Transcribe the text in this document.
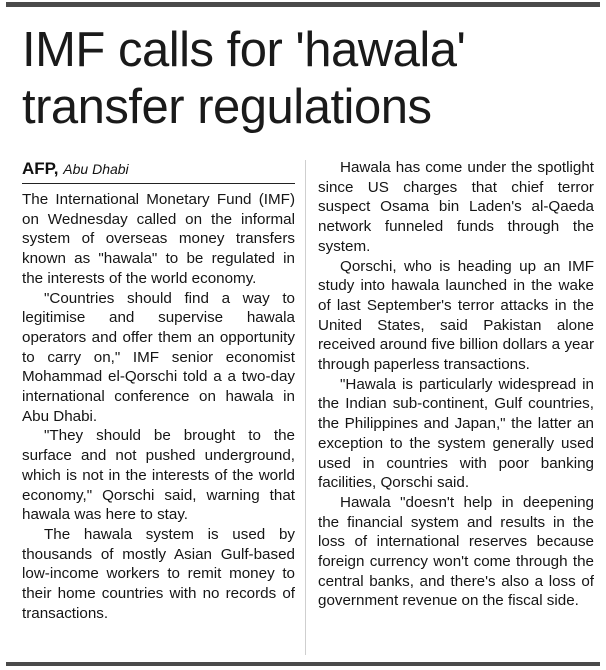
IMF calls for 'hawala'
transfer regulations
AFP, Abu Dhabi

The International Monetary Fund (IMF) on Wednesday called on the informal system of overseas money transfers known as "hawala" to be regulated in the interests of the world economy.

"Countries should find a way to legitimise and supervise hawala operators and offer them an opportunity to carry on," IMF senior economist Mohammad el-Qorschi told a a two-day international conference on hawala in Abu Dhabi.

"They should be brought to the surface and not pushed underground, which is not in the interests of the world economy," Qorschi said, warning that hawala was here to stay.

The hawala system is used by thousands of mostly Asian Gulf-based low-income workers to remit money to their home countries with no records of transactions.

Hawala has come under the spotlight since US charges that chief terror suspect Osama bin Laden's al-Qaeda network funneled funds through the system.

Qorschi, who is heading up an IMF study into hawala launched in the wake of last September's terror attacks in the United States, said Pakistan alone received around five billion dollars a year through paperless transactions.

"Hawala is particularly widespread in the Indian sub-continent, Gulf countries, the Philippines and Japan," the latter an exception to the system generally used used in countries with poor banking facilities, Qorschi said.

Hawala "doesn't help in deepening the financial system and results in the loss of international reserves because foreign currency won't come through the central banks, and there's also a loss of government revenue on the fiscal side.
